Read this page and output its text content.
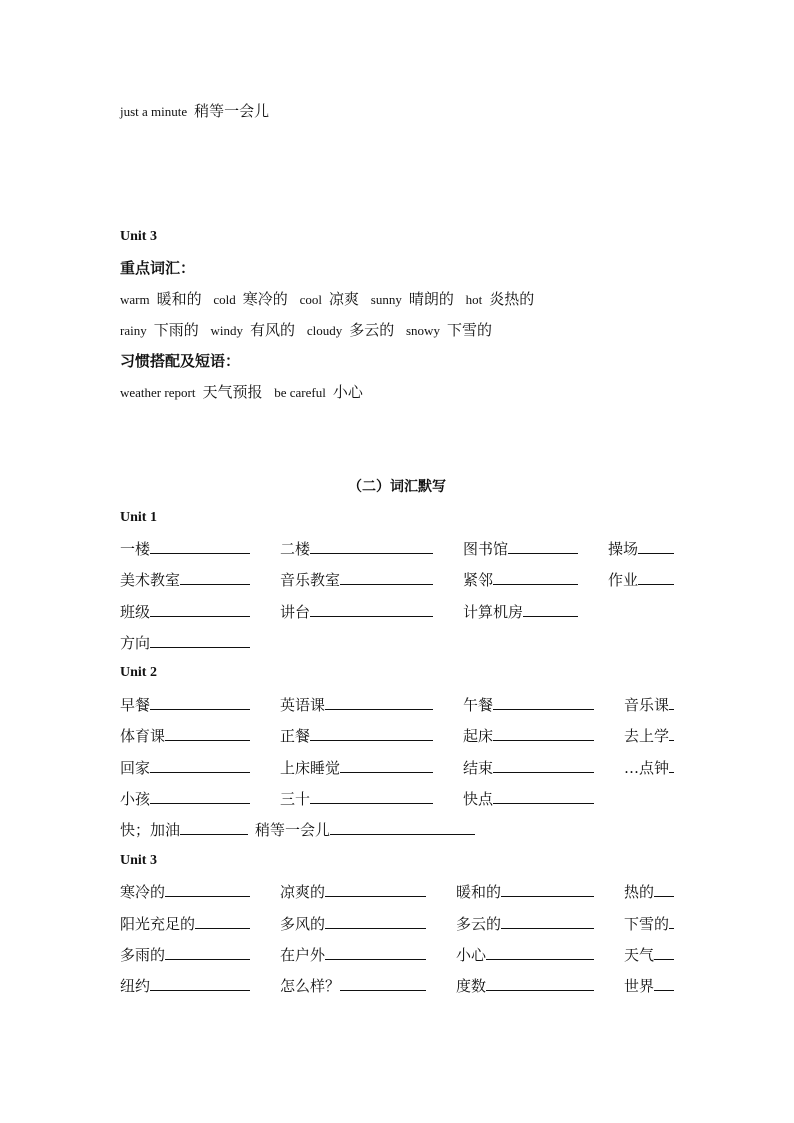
just a minute 稍等一会儿
Unit 3
重点词汇：
warm 暖和的 cold 寒冷的 cool 凉爽 sunny 晴朗的 hot 炎热的
rainy 下雨的 windy 有风的 cloudy 多云的 snowy 下雪的
习惯搭配及短语：
weather report 天气预报 be careful 小心
（二）词汇默写
Unit 1
一楼	二楼	图书馆	操场
美术教室	音乐教室	紧邻	作业
班级	讲台	计算机房
方向
Unit 2
早餐	英语课	午餐	音乐课
体育课	正餐	起床	去上学
回家	上床睡觉	结束	…点钟
小孩	三十	快点
快；加油	稍等一会儿
Unit 3
寒冷的	凉爽的	暖和的	热的
阳光充足的	多风的	多云的	下雪的
多雨的	在户外	小心	天气
纽约	怎么样？	度数	世界
